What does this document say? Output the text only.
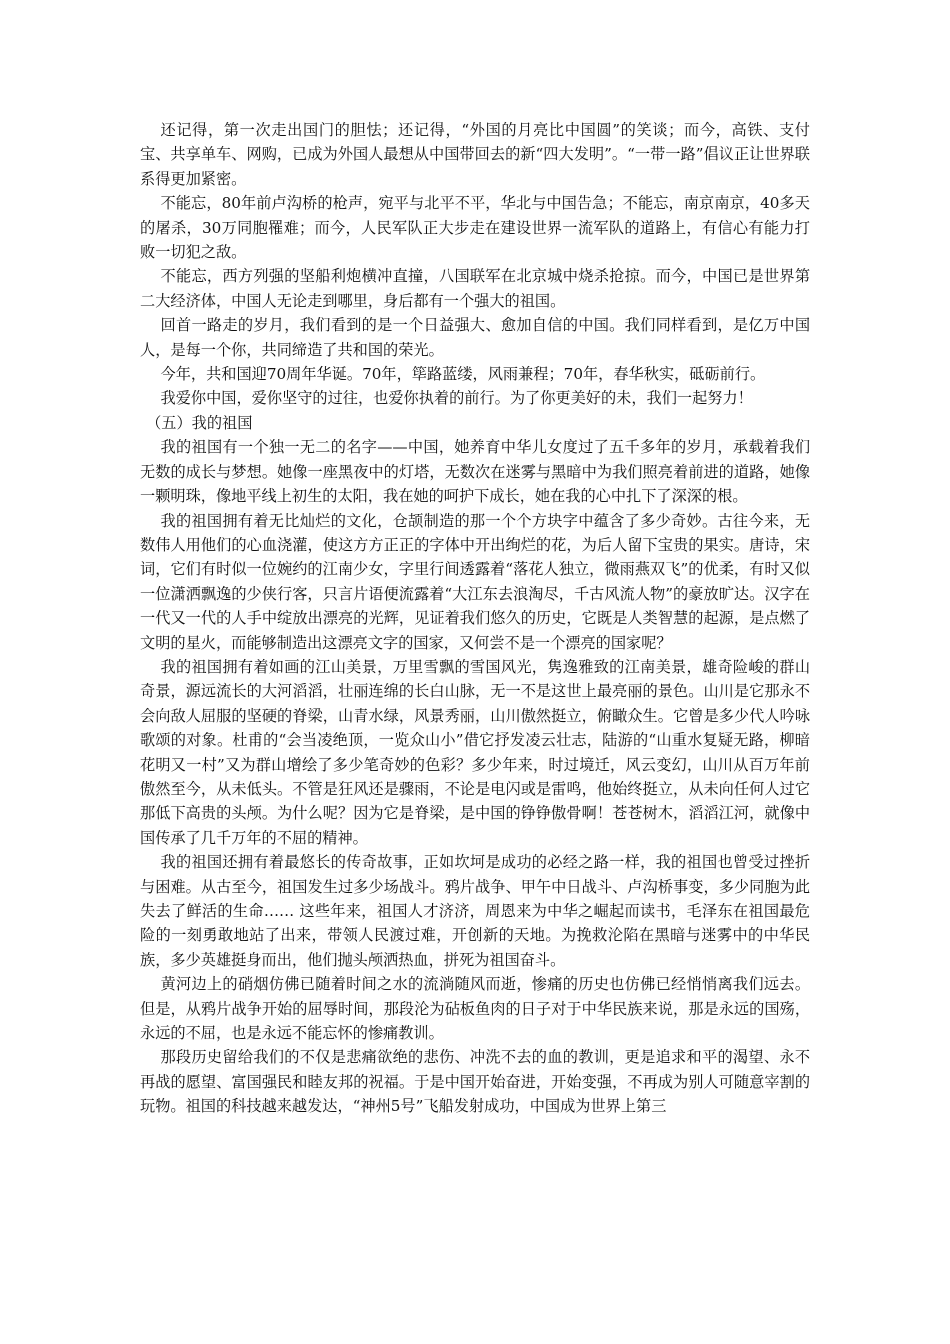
还记得，第一次走出国门的胆怯；还记得，“外国的月亮比中国圆”的笑谈；而今，高铁、支付宝、共享单车、网购，已成为外国人最想从中国带回去的新“四大发明”。“一带一路”倡议正让世界联系得更加紧密。

不能忘，80年前卢沟桥的枪声，宛平与北平不平，华北与中国告急；不能忘，南京南京，40多天的屠杀，30万同胞罹难；而今，人民军队正大步走在建设世界一流军队的道路上，有信心有能力打败一切犯之敌。

不能忘，西方列强的坚船利炮横冲直撞，八国联军在北京城中烧杀抢掠。而今，中国已是世界第二大经济体，中国人无论走到哪里，身后都有一个强大的祖国。

回首一路走的岁月，我们看到的是一个日益强大、愈加自信的中国。我们同样看到，是亿万中国人，是每一个你，共同缔造了共和国的荣光。

今年，共和国迎70周年华诞。70年，筚路蓝缕，风雨兼程；70年，春华秋实，砥砺前行。

我爱你中国，爱你坚守的过往，也爱你执着的前行。为了你更美好的未，我们一起努力！

（五）我的祖国

我的祖国有一个独一无二的名字——中国，她养育中华儿女度过了五千多年的岁月，承载着我们无数的成长与梦想。她像一座黑夜中的灯塔，无数次在迷雾与黑暗中为我们照亮着前进的道路，她像一颗明珠，像地平线上初生的太阳，我在她的呵护下成长，她在我的心中扎下了深深的根。

我的祖国拥有着无比灿烂的文化，仓颉制造的那一个个方块字中蕴含了多少奇妙。古往今来，无数伟人用他们的心血浇灌，使这方方正正的字体中开出绚烂的花，为后人留下宝贵的果实。唐诗，宋词，它们有时似一位婉约的江南少女，字里行间透露着“落花人独立，微雨燕双飞”的优柔，有时又似一位潇洒飘逸的少侠行客，只言片语便流露着“大江东去浪淘尽，千古风流人物”的豪放旷达。汉字在一代又一代的人手中绽放出漂亮的光辉，见证着我们悠久的历史，它既是人类智慧的起源，是点燃了文明的星火，而能够制造出这漂亮文字的国家，又何尝不是一个漂亮的国家呢？

我的祖国拥有着如画的江山美景，万里雪飘的雪国风光，隽逸雅致的江南美景，雄奇险峻的群山奇景，源远流长的大河滔滔，壮丽连绵的长白山脉，无一不是这世上最亮丽的景色。山川是它那永不会向敌人屈服的坚硬的脊梁，山青水绿，风景秀丽，山川傲然挺立，俯瞰众生。它曾是多少代人吟咏歌颂的对象。杜甫的“会当凌绝顶，一览众山小”借它抒发凌云壮志，陆游的“山重水复疑无路，柳暗花明又一村”又为群山增绘了多少笔奇妙的色彩？多少年来，时过境迁，风云变幻，山川从百万年前傲然至今，从未低头。不管是狂风还是骤雨，不论是电闪或是雷鸣，他始终挺立，从未向任何人过它那低下高贵的头颅。为什么呢？因为它是脊梁，是中国的铮铮傲骨啊！苍苍树木，滔滔江河，就像中国传承了几千万年的不屈的精神。

我的祖国还拥有着最悠长的传奇故事，正如坎坷是成功的必经之路一样，我的祖国也曾受过挫折与困难。从古至今，祖国发生过多少场战斗。鸦片战争、甲午中日战斗、卢沟桥事变，多少同胞为此失去了鲜活的生命…… 这些年来，祖国人才济济，周恩来为中华之崛起而读书，毛泽东在祖国最危险的一刻勇敢地站了出来，带领人民渡过难，开创新的天地。为挽救沦陷在黑暗与迷雾中的中华民族，多少英雄挺身而出，他们抛头颅洒热血，拼死为祖国奋斗。

黄河边上的硝烟仿佛已随着时间之水的流淌随风而逝，惨痛的历史也仿佛已经悄悄离我们远去。但是，从鸦片战争开始的屈辱时间，那段沦为砧板鱼肉的日子对于中华民族来说，那是永远的国殇，永远的不屈，也是永远不能忘怀的惨痛教训。

那段历史留给我们的不仅是悲痛欲绝的悲伤、冲洗不去的血的教训，更是追求和平的渴望、永不再战的愿望、富国强民和睦友邦的祝福。于是中国开始奋进，开始变强，不再成为别人可随意宰割的玩物。祖国的科技越来越发达，“神州5号”飞船发射成功，中国成为世界上第三
